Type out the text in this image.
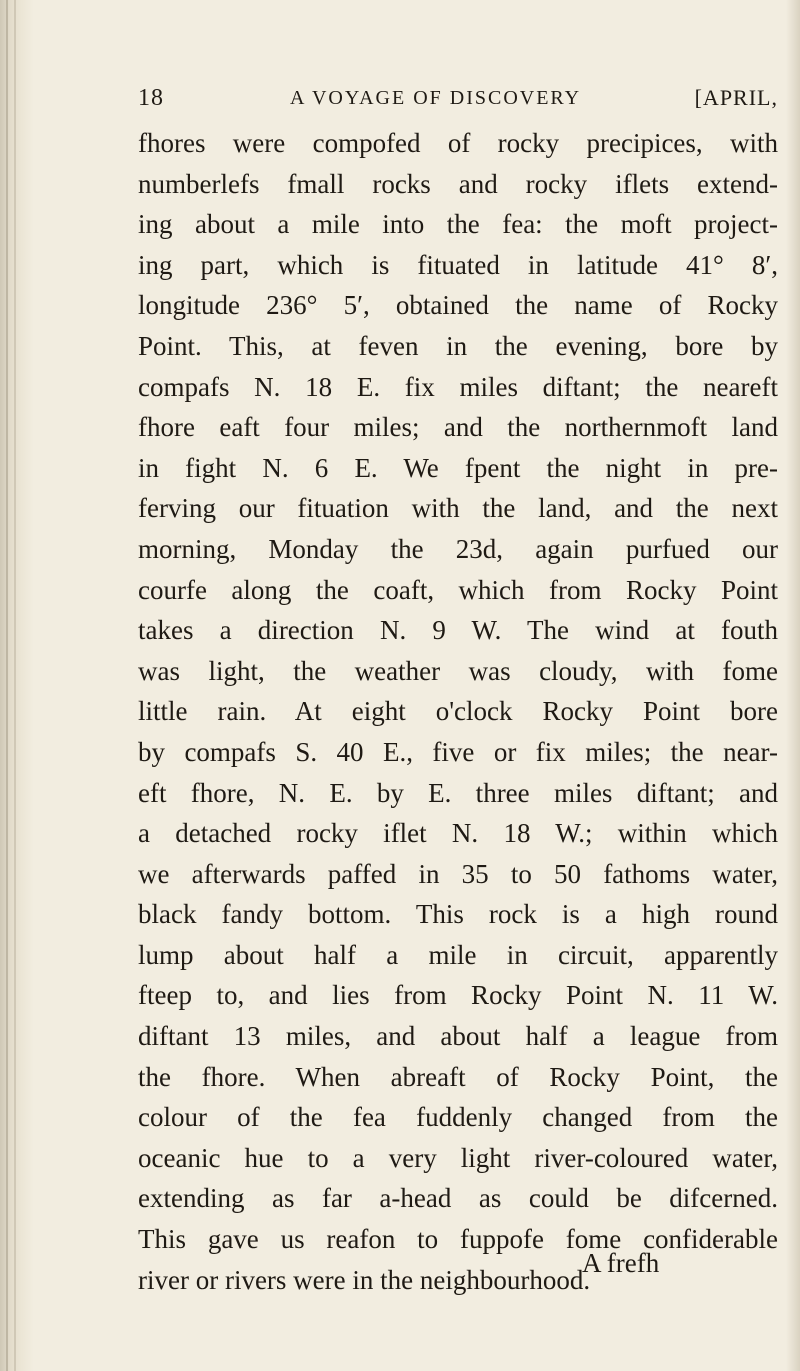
18	A VOYAGE OF DISCOVERY	[APRIL,
fhores were compofed of rocky precipices, with
numberlefs fmall rocks and rocky iflets extend-
ing about a mile into the fea: the moft project-
ing part, which is fituated in latitude 41° 8′,
longitude 236° 5′, obtained the name of Rocky
Point. This, at feven in the evening, bore by
compafs N. 18 E. fix miles diftant; the neareft
fhore eaft four miles; and the northernmoft land
in fight N. 6 E. We fpent the night in pre-
ferving our fituation with the land, and the next
morning, Monday the 23d, again purfued our
courfe along the coaft, which from Rocky Point
takes a direction N. 9 W. The wind at fouth
was light, the weather was cloudy, with fome
little rain. At eight o'clock Rocky Point bore
by compafs S. 40 E., five or fix miles; the near-
eft fhore, N. E. by E. three miles diftant; and
a detached rocky iflet N. 18 W.; within which
we afterwards paffed in 35 to 50 fathoms water,
black fandy bottom. This rock is a high round
lump about half a mile in circuit, apparently
fteep to, and lies from Rocky Point N. 11 W.
diftant 13 miles, and about half a league from
the fhore. When abreaft of Rocky Point, the
colour of the fea fuddenly changed from the
oceanic hue to a very light river-coloured water,
extending as far a-head as could be difcerned.
This gave us reafon to fuppofe fome confiderable
river or rivers were in the neighbourhood.
A frefh
